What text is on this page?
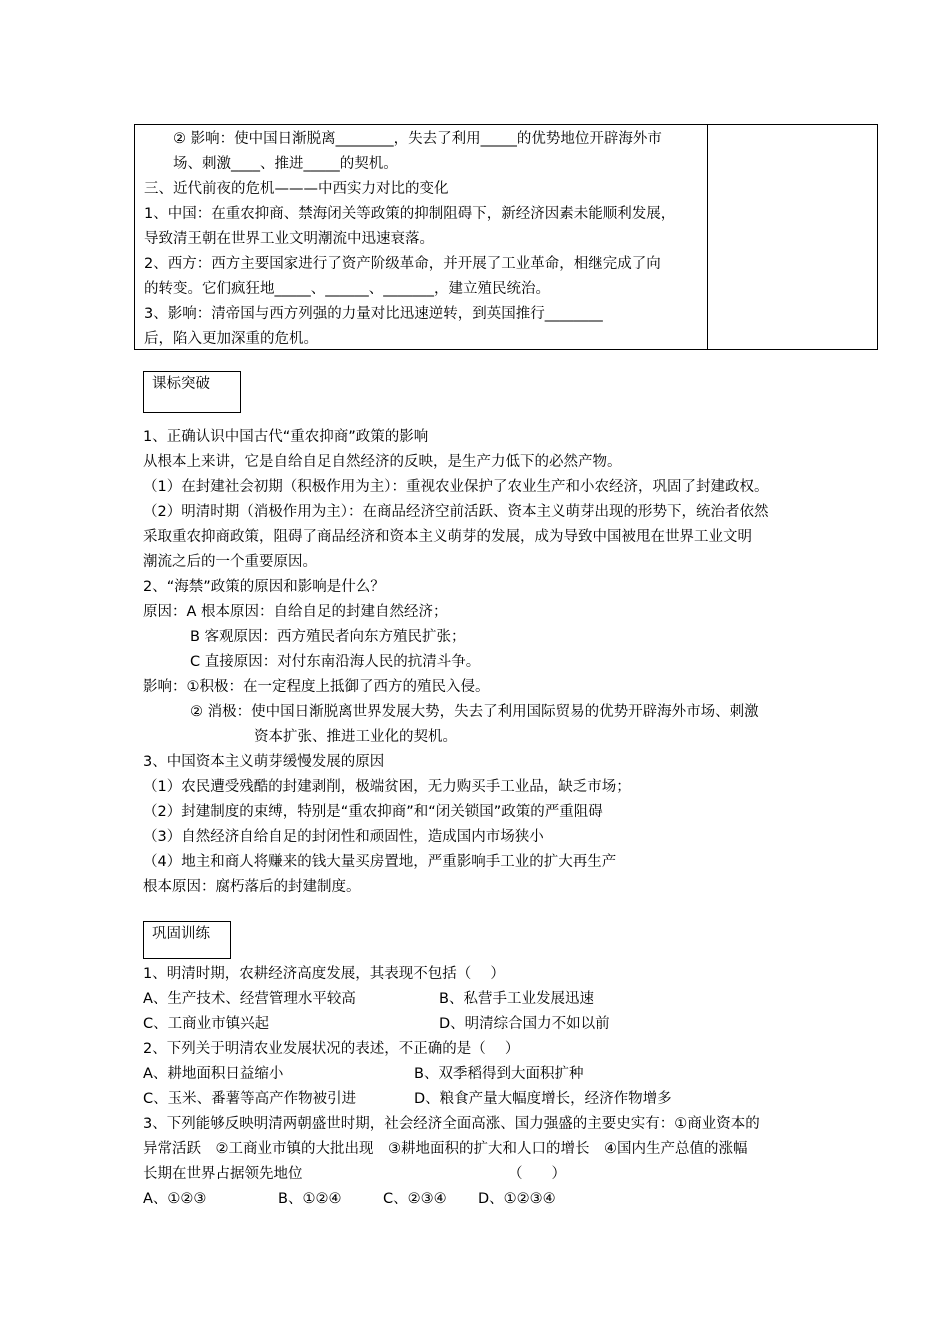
② 影响：使中国日渐脱离________，失去了利用_____的优势地位开辟海外市
场、刺激____、推进_____的契机。
三、近代前夜的危机———中西实力对比的变化
1、中国：在重农抑商、禁海闭关等政策的抑制阻碍下，新经济因素未能顺利发展，
导致清王朝在世界工业文明潮流中迅速衰落。
2、西方：西方主要国家进行了资产阶级革命，并开展了工业革命，相继完成了向
的转变。它们疯狂地_____、______、_______，建立殖民统治。
3、影响：清帝国与西方列强的力量对比迅速逆转，到英国推行________
后，陷入更加深重的危机。
课标突破
1、正确认识中国古代“重农抑商”政策的影响
从根本上来讲，它是自给自足自然经济的反映，是生产力低下的必然产物。
（1）在封建社会初期（积极作用为主）：重视农业保护了农业生产和小农经济，巩固了封建政权。
（2）明清时期（消极作用为主）：在商品经济空前活跃、资本主义萌芽出现的形势下，统治者依然
采取重农抑商政策，阻碍了商品经济和资本主义萌芽的发展，成为导致中国被甩在世界工业文明
潮流之后的一个重要原因。
2、“海禁”政策的原因和影响是什么？
原因：A 根本原因：自给自足的封建自然经济；
B 客观原因：西方殖民者向东方殖民扩张；
C 直接原因：对付东南沿海人民的抗清斗争。
影响：①积极：在一定程度上抵御了西方的殖民入侵。
② 消极：使中国日渐脱离世界发展大势，失去了利用国际贸易的优势开辟海外市场、刺激
资本扩张、推进工业化的契机。
3、中国资本主义萌芽缓慢发展的原因
（1）农民遭受残酷的封建剥削，极端贫困，无力购买手工业品，缺乏市场；
（2）封建制度的束缚，特别是“重农抑商”和“闭关锁国”政策的严重阻碍
（3）自然经济自给自足的封闭性和顽固性，造成国内市场狭小
（4）地主和商人将赚来的钱大量买房置地，严重影响手工业的扩大再生产
根本原因：腐朽落后的封建制度。
巩固训练
1、明清时期，农耕经济高度发展，其表现不包括（　 ）
A、生产技术、经营管理水平较高	B、私营手工业发展迅速
C、工商业市镇兴起	D、明清综合国力不如以前
2、下列关于明清农业发展状况的表述，不正确的是（　 ）
A、耕地面积日益缩小	B、双季稻得到大面积扩种
C、玉米、番薯等高产作物被引进	D、粮食产量大幅度增长，经济作物增多
3、下列能够反映明清两朝盛世时期，社会经济全面高涨、国力强盛的主要史实有：①商业资本的
异常活跃　②工商业市镇的大批出现　③耕地面积的扩大和人口的增长　④国内生产总值的涨幅
长期在世界占据领先地位	（　　）
A、①②③	B、①②④	C、②③④ D、①②③④
